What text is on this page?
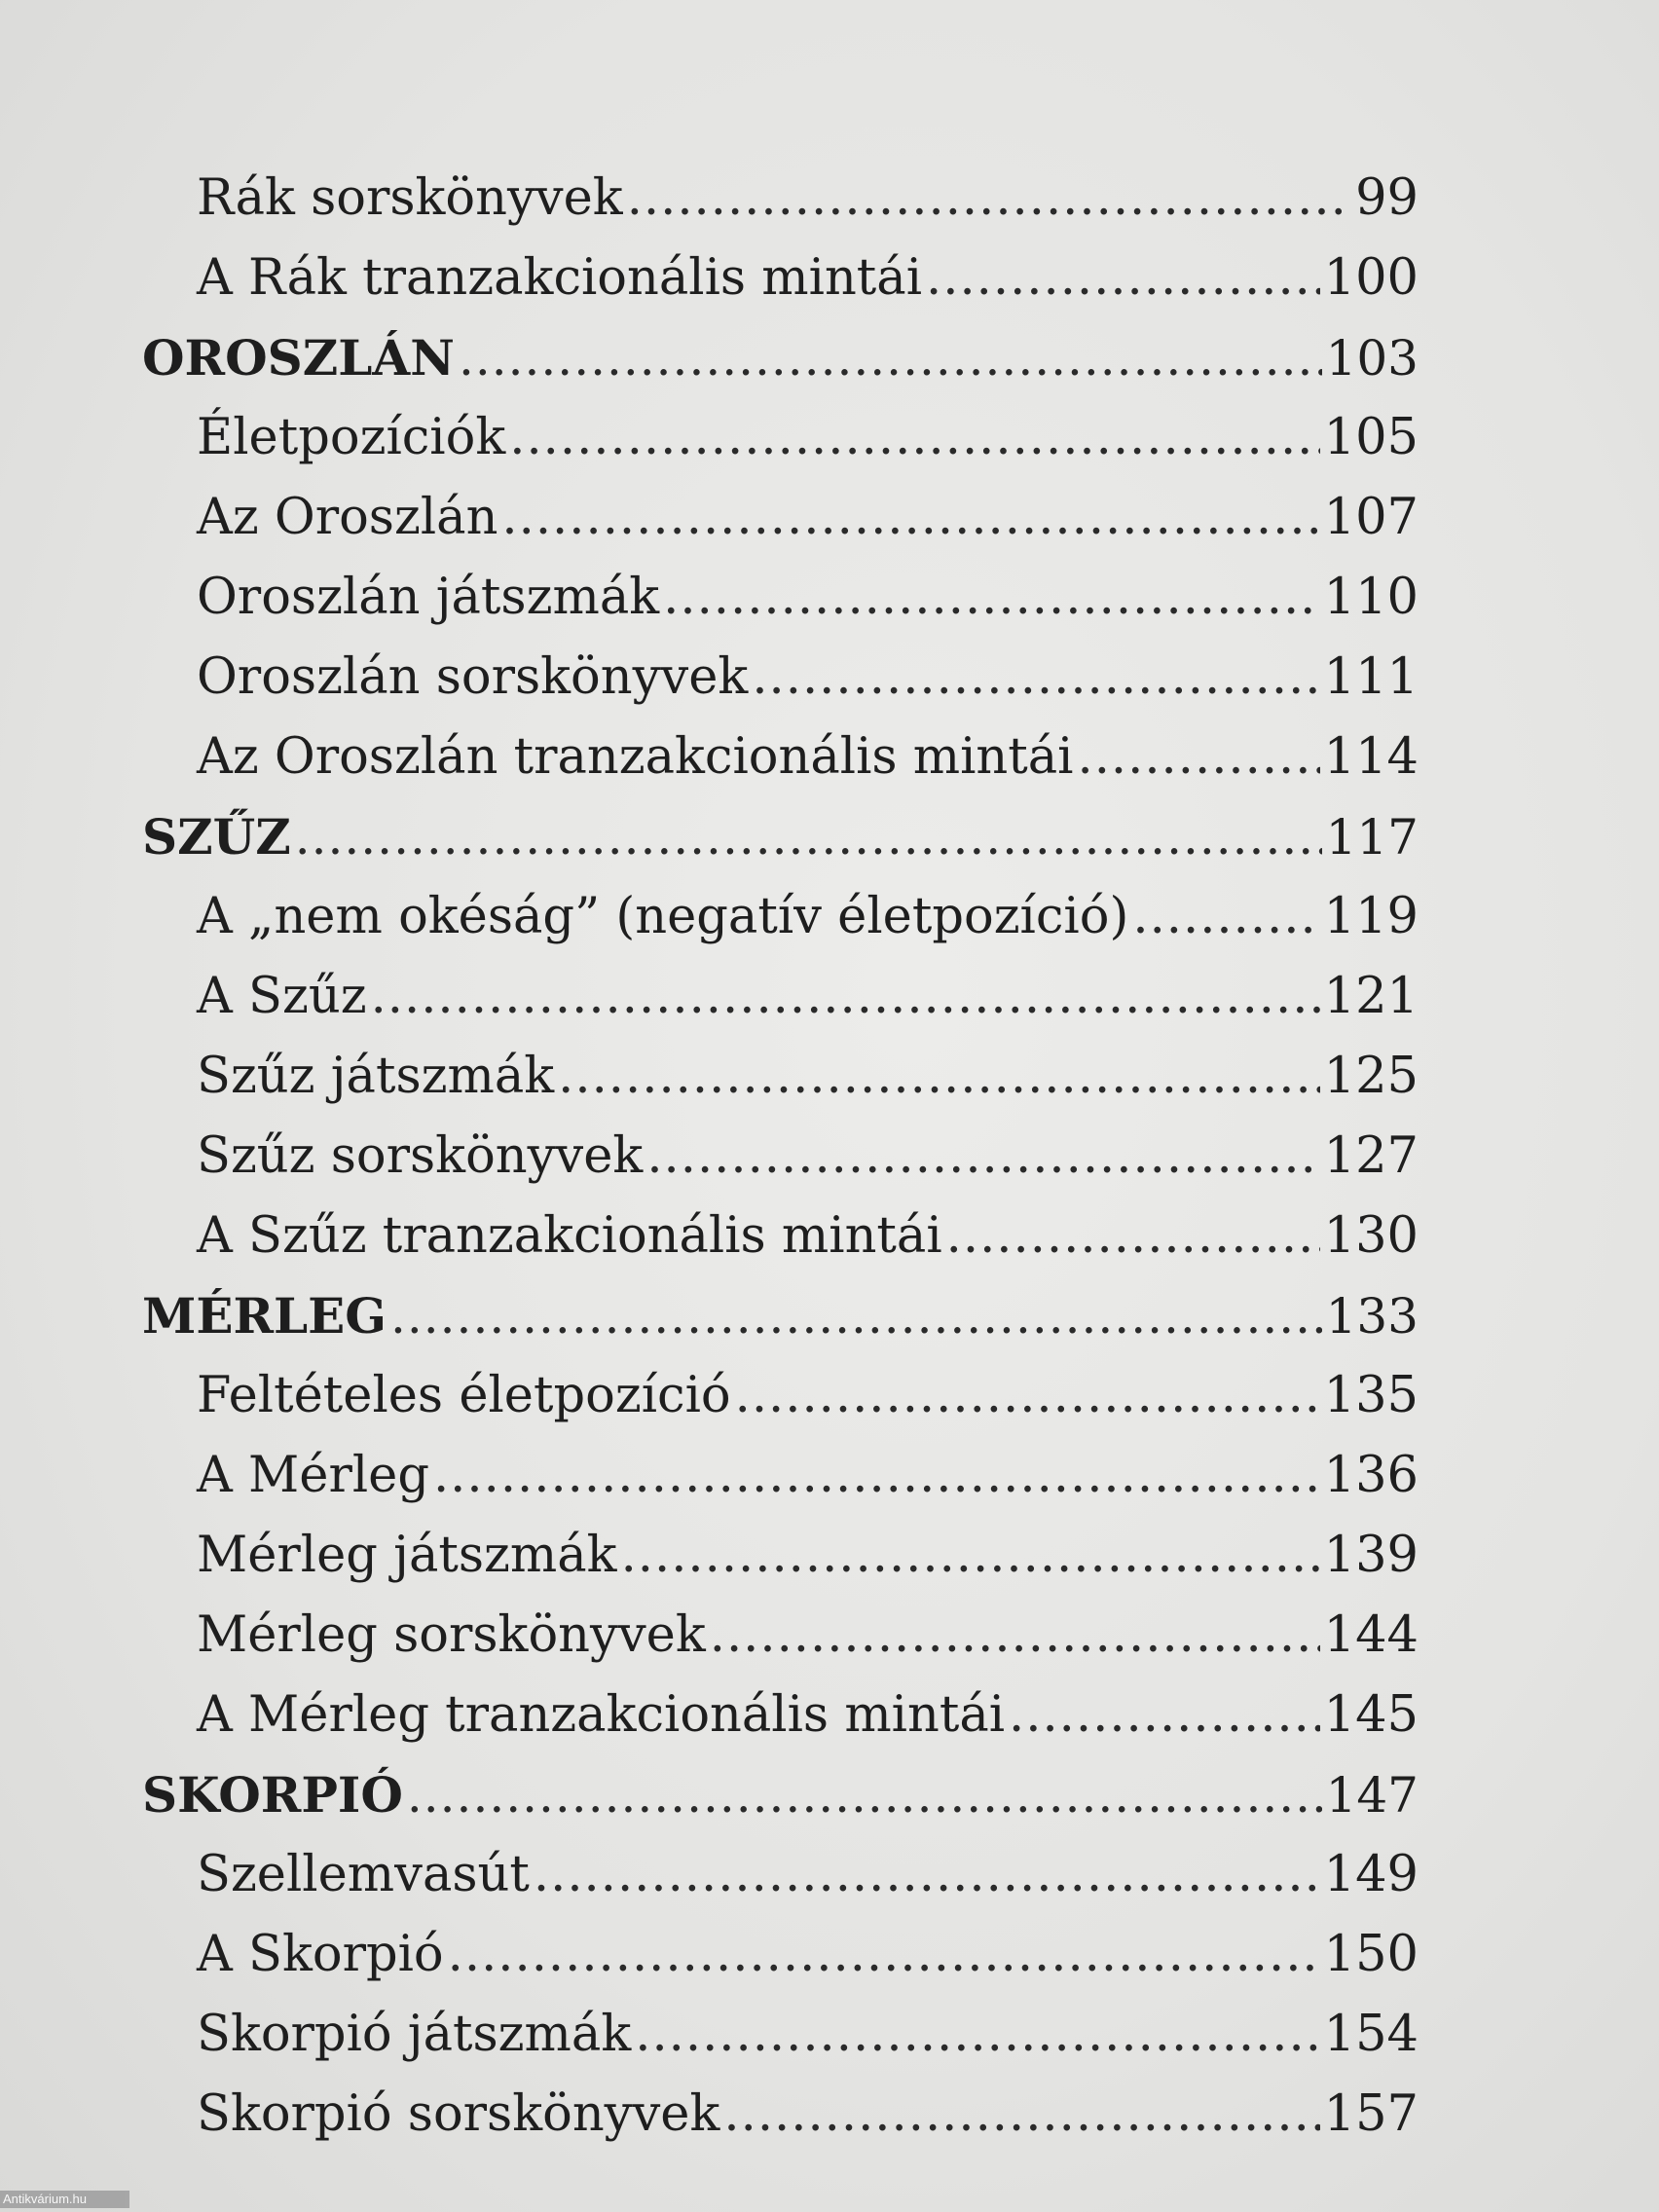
Rák sorskönyvek .....	99
A Rák tranzakcionális mintái .....	100
OROSZLÁN .....	103
Életpozíciók .....	105
Az Oroszlán .....	107
Oroszlán játszmák .....	110
Oroszlán sorskönyvek .....	111
Az Oroszlán tranzakcionális mintái .....	114
SZŰZ .....	117
A „nem okéság” (negatív életpozíció) .....	119
A Szűz .....	121
Szűz játszmák .....	125
Szűz sorskönyvek .....	127
A Szűz tranzakcionális mintái .....	130
MÉRLEG .....	133
Feltételes életpozíció .....	135
A Mérleg .....	136
Mérleg játszmák .....	139
Mérleg sorskönyvek .....	144
A Mérleg tranzakcionális mintái .....	145
SKORPIÓ .....	147
Szellemvasút .....	149
A Skorpió .....	150
Skorpió játszmák .....	154
Skorpió sorskönyvek .....	157
Antikvárium.hu
